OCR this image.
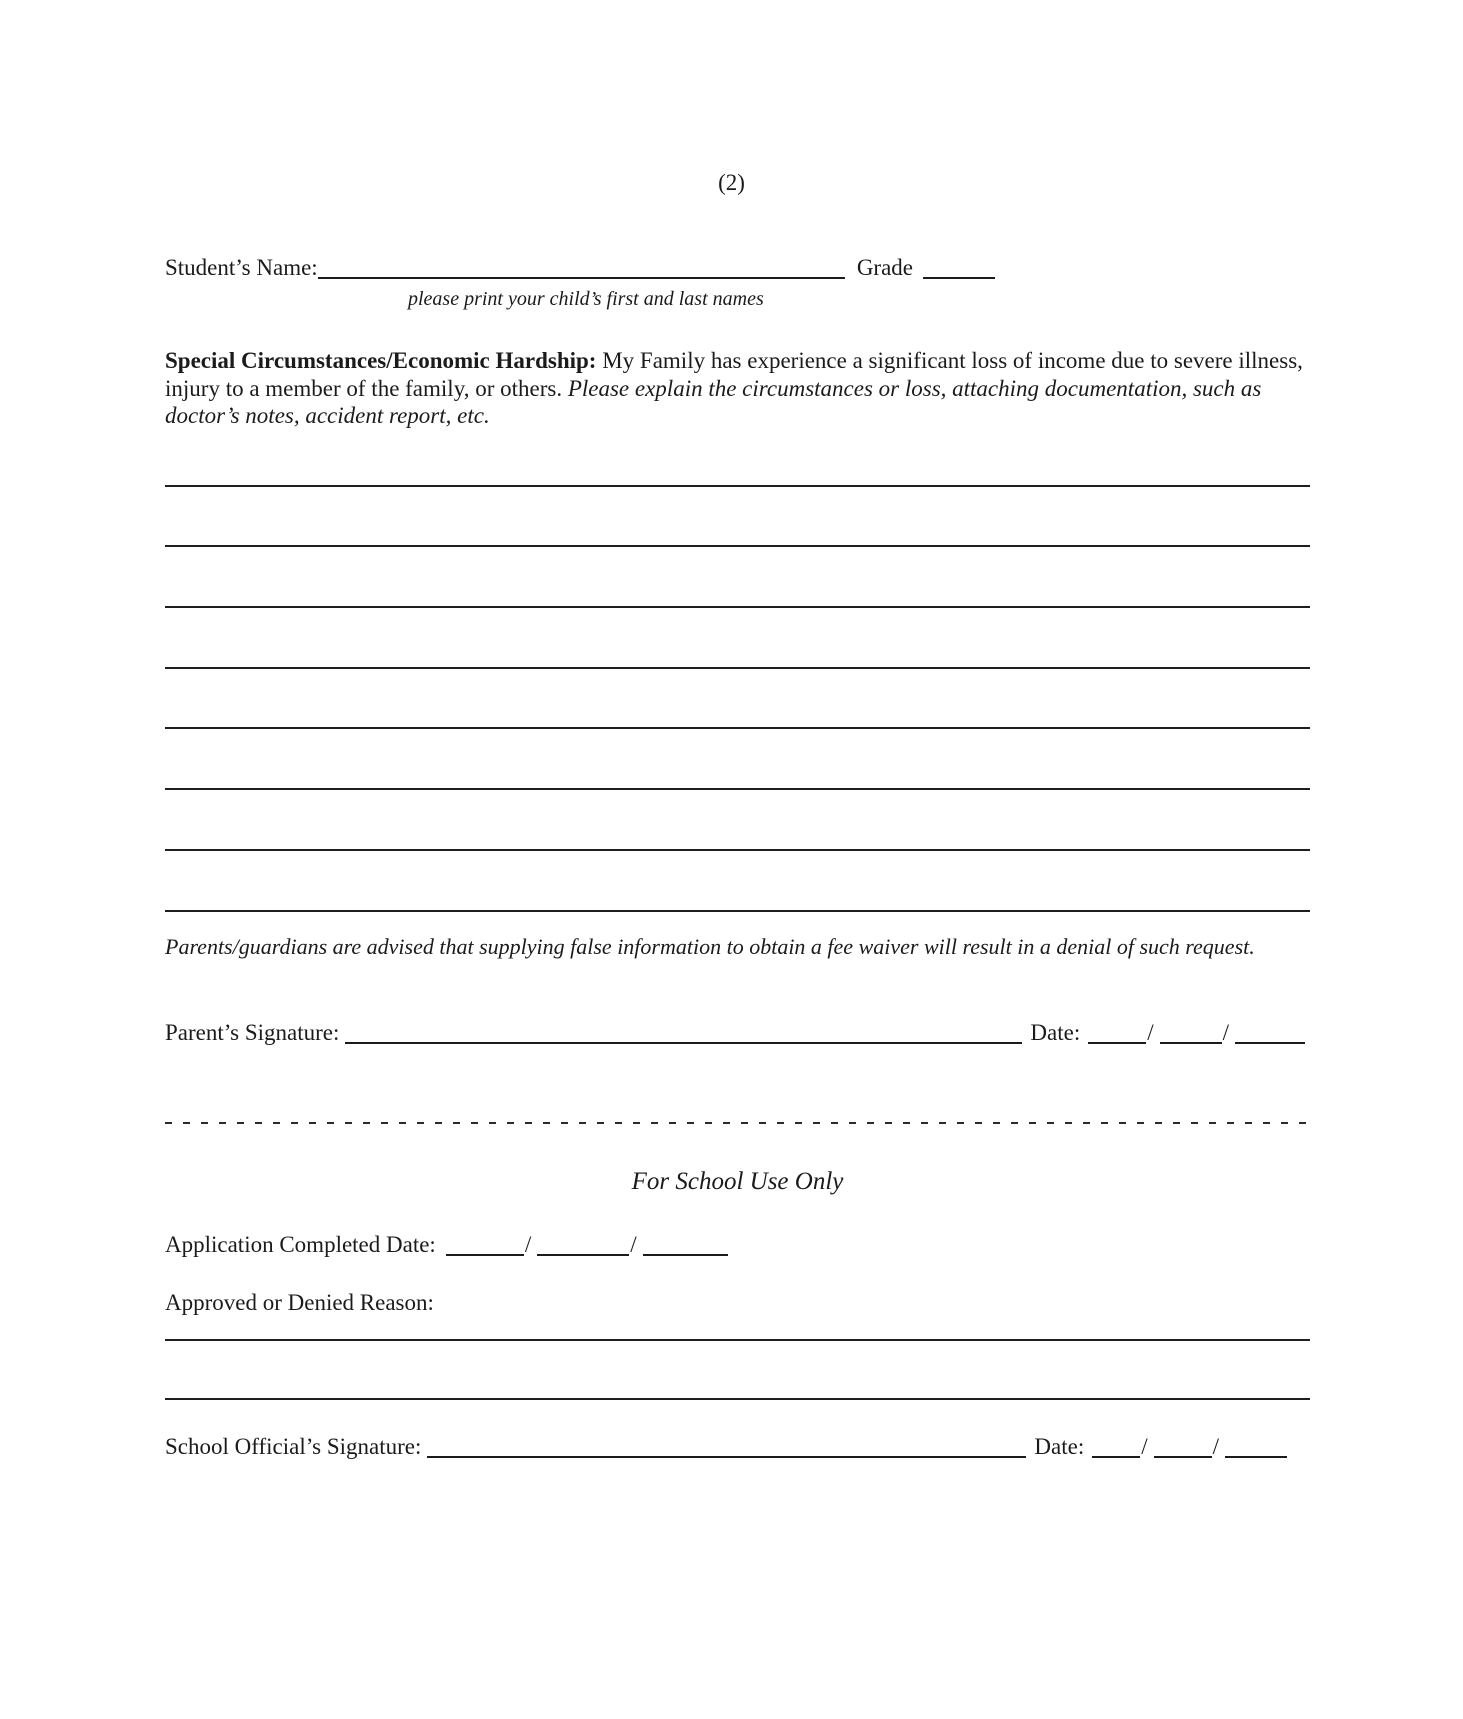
(2)
Student’s Name:	Grade
please print your child’s first and last names
Special Circumstances/Economic Hardship: My Family has experience a significant loss of income due to severe illness, injury to a member of the family, or others. Please explain the circumstances or loss, attaching documentation, such as doctor’s notes, accident report, etc.
Parents/guardians are advised that supplying false information to obtain a fee waiver will result in a denial of such request.
Parent’s Signature:	Date:	/	/
For School Use Only
Application Completed Date:	/	/
Approved or Denied Reason:
School Official’s Signature:	Date: /	/
